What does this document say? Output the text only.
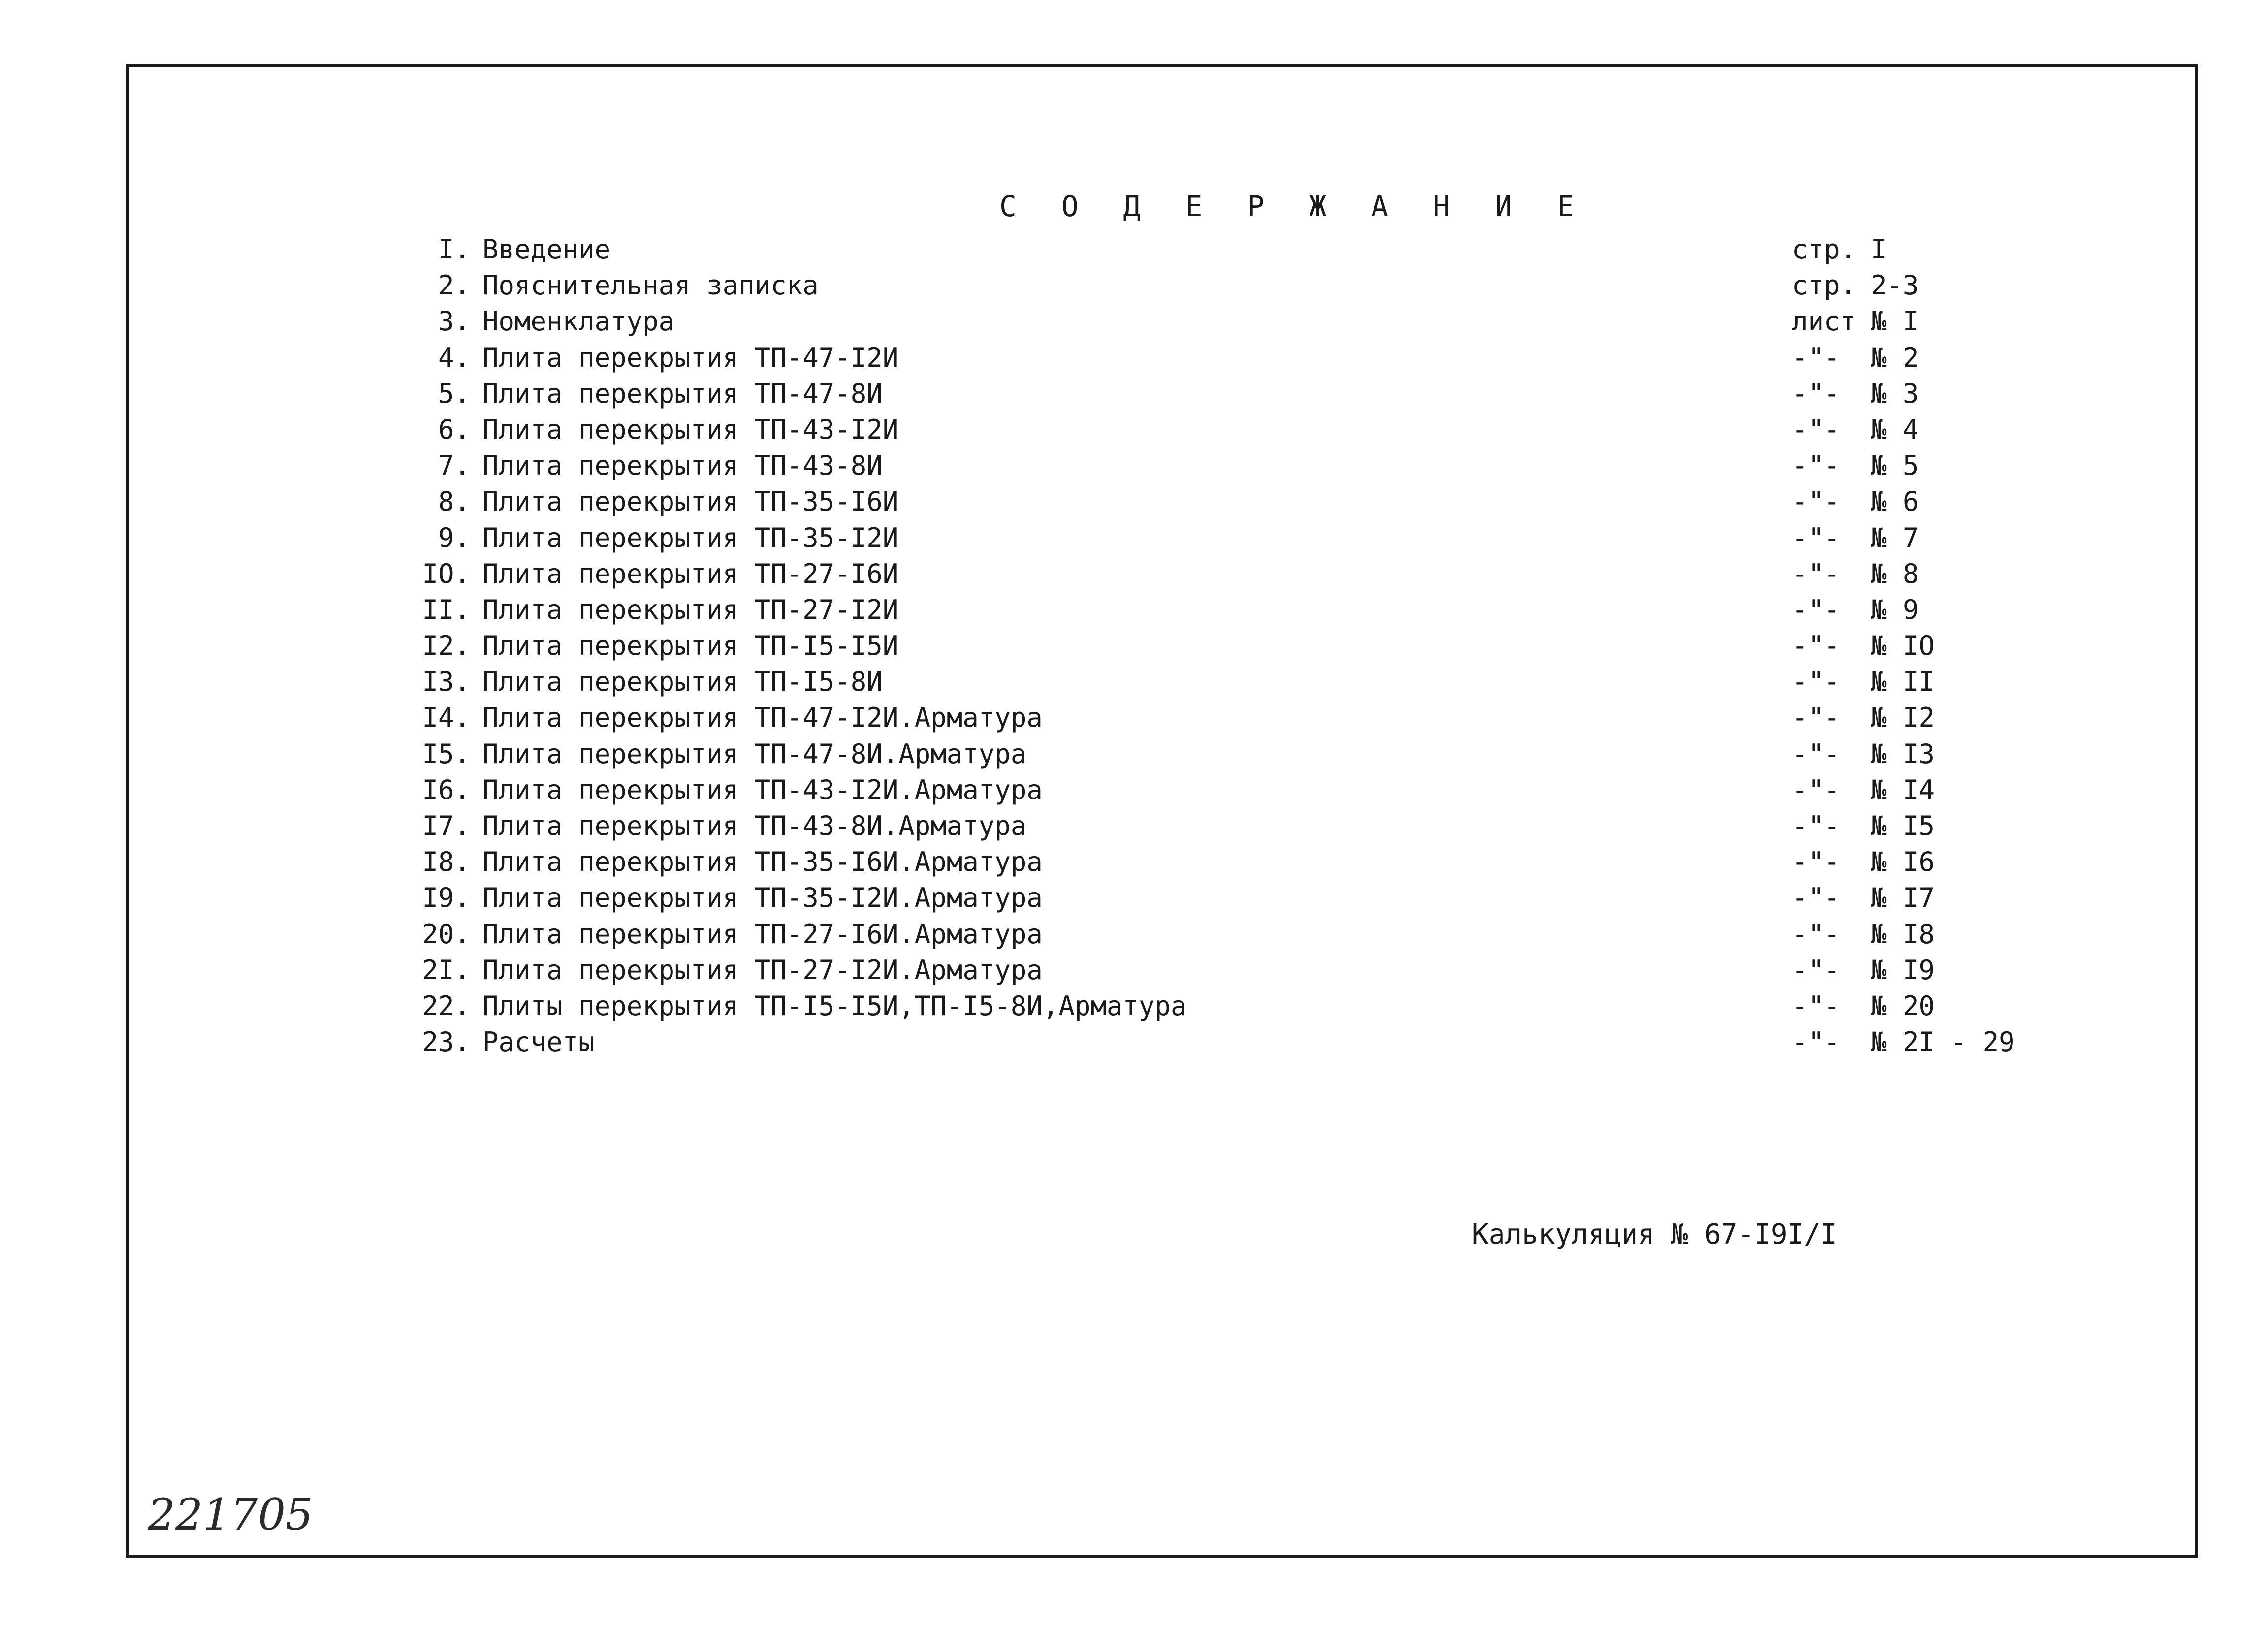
С О Д Е Р Ж А Н И Е
I. Введение	стр. I
2. Пояснительная записка	стр. 2-3
3. Номенклатура	лист № I
4. Плита перекрытия ТП-47-I2И	-"-	№ 2
5. Плита перекрытия ТП-47-8И	-"-	№ 3
6. Плита перекрытия ТП-43-I2И	-"-	№ 4
7. Плита перекрытия ТП-43-8И	-"-	№ 5
8. Плита перекрытия ТП-35-I6И	-"-	№ 6
9. Плита перекрытия ТП-35-I2И	-"-	№ 7
IO. Плита перекрытия ТП-27-I6И	-"-	№ 8
II. Плита перекрытия ТП-27-I2И	-"-	№ 9
I2. Плита перекрытия ТП-I5-I5И	-"-	№ IO
I3. Плита перекрытия ТП-I5-8И	-"-	№ II
I4. Плита перекрытия ТП-47-I2И.Арматура	-"-	№ I2
I5. Плита перекрытия ТП-47-8И.Арматура	-"-	№ I3
I6. Плита перекрытия ТП-43-I2И.Арматура	-"-	№ I4
I7. Плита перекрытия ТП-43-8И.Арматура	-"-	№ I5
I8. Плита перекрытия ТП-35-I6И.Арматура	-"-	№ I6
I9. Плита перекрытия ТП-35-I2И.Арматура	-"-	№ I7
20. Плита перекрытия ТП-27-I6И.Арматура	-"-	№ I8
2I. Плита перекрытия ТП-27-I2И.Арматура	-"-	№ I9
22. Плиты перекрытия ТП-I5-I5И,ТП-I5-8И,Арматура	-"-	№ 20
23. Расчеты	-"-	№ 2I - 29
Калькуляция № 67-I9I/I
221705
